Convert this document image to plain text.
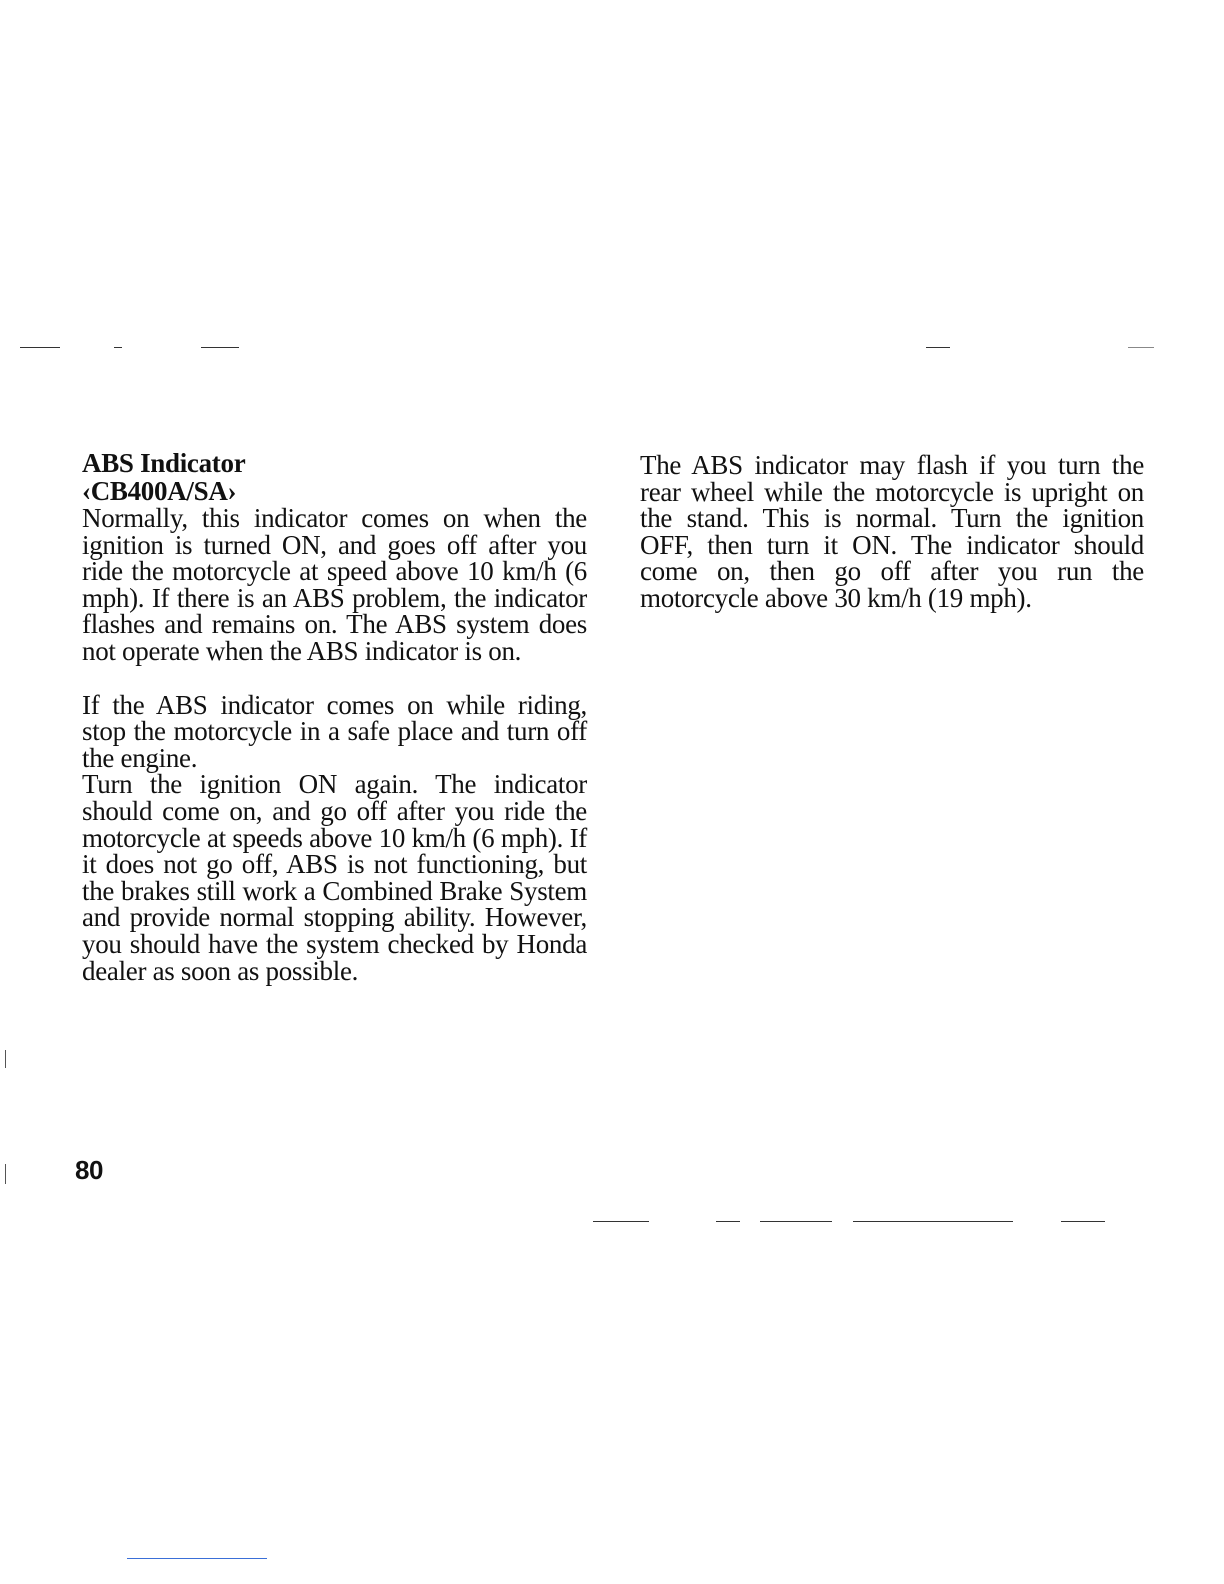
ABS Indicator

‹CB400A/SA›

Normally, this indicator comes on when the ignition is turned ON, and goes off after you ride the motorcycle at speed above 10 km/h (6 mph). If there is an ABS problem, the indicator flashes and remains on. The ABS system does not operate when the ABS indicator is on.

If the ABS indicator comes on while riding, stop the motorcycle in a safe place and turn off the engine.

Turn the ignition ON again. The indicator should come on, and go off after you ride the motorcycle at speeds above 10 km/h (6 mph). If it does not go off, ABS is not functioning, but the brakes still work a Combined Brake System and provide normal stopping ability. However, you should have the system checked by Honda dealer as soon as possible.

The ABS indicator may flash if you turn the rear wheel while the motorcycle is upright on the stand. This is normal. Turn the ignition OFF, then turn it ON. The indicator should come on, then go off after you run the motorcycle above 30 km/h (19 mph).

80
